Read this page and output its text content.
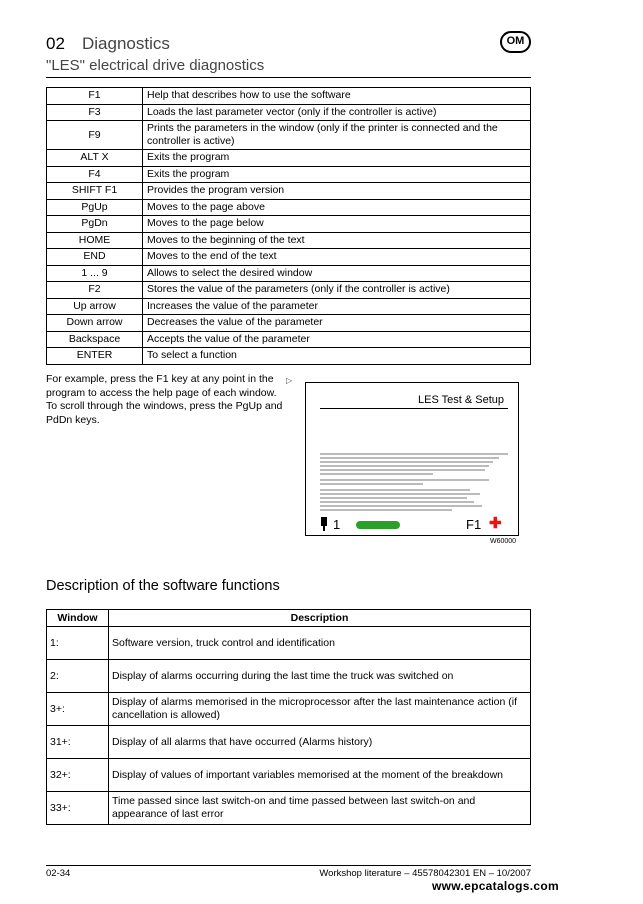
02 Diagnostics	OM
"LES" electrical drive diagnostics
F1	Help that describes how to use the software
F3	Loads the last parameter vector (only if the controller is active)
F9	Prints the parameters in the window (only if the printer is connected and the controller is active)
ALT X	Exits the program
F4	Exits the program
SHIFT F1	Provides the program version
PgUp	Moves to the page above
PgDn	Moves to the page below
HOME	Moves to the beginning of the text
END	Moves to the end of the text
1 ... 9	Allows to select the desired window
F2	Stores the value of the parameters (only if the controller is active)
Up arrow	Increases the value of the parameter
Down arrow	Decreases the value of the parameter
Backspace	Accepts the value of the parameter
ENTER	To select a function
For example, press the F1 key at any point in the program to access the help page of each window. To scroll through the windows, press the PgUp and PdDn keys.
▷
LES Test & Setup
1	F1 ✚
W60000
Description of the software functions
Window	Description
1:	Software version, truck control and identification
2:	Display of alarms occurring during the last time the truck was switched on
3+:	Display of alarms memorised in the microprocessor after the last maintenance action (if cancellation is allowed)
31+:	Display of all alarms that have occurred (Alarms history)
32+:	Display of values of important variables memorised at the moment of the breakdown
33+:	Time passed since last switch-on and time passed between last switch-on and appearance of last error
02-34	Workshop literature – 45578042301 EN – 10/2007
www.epcatalogs.com
